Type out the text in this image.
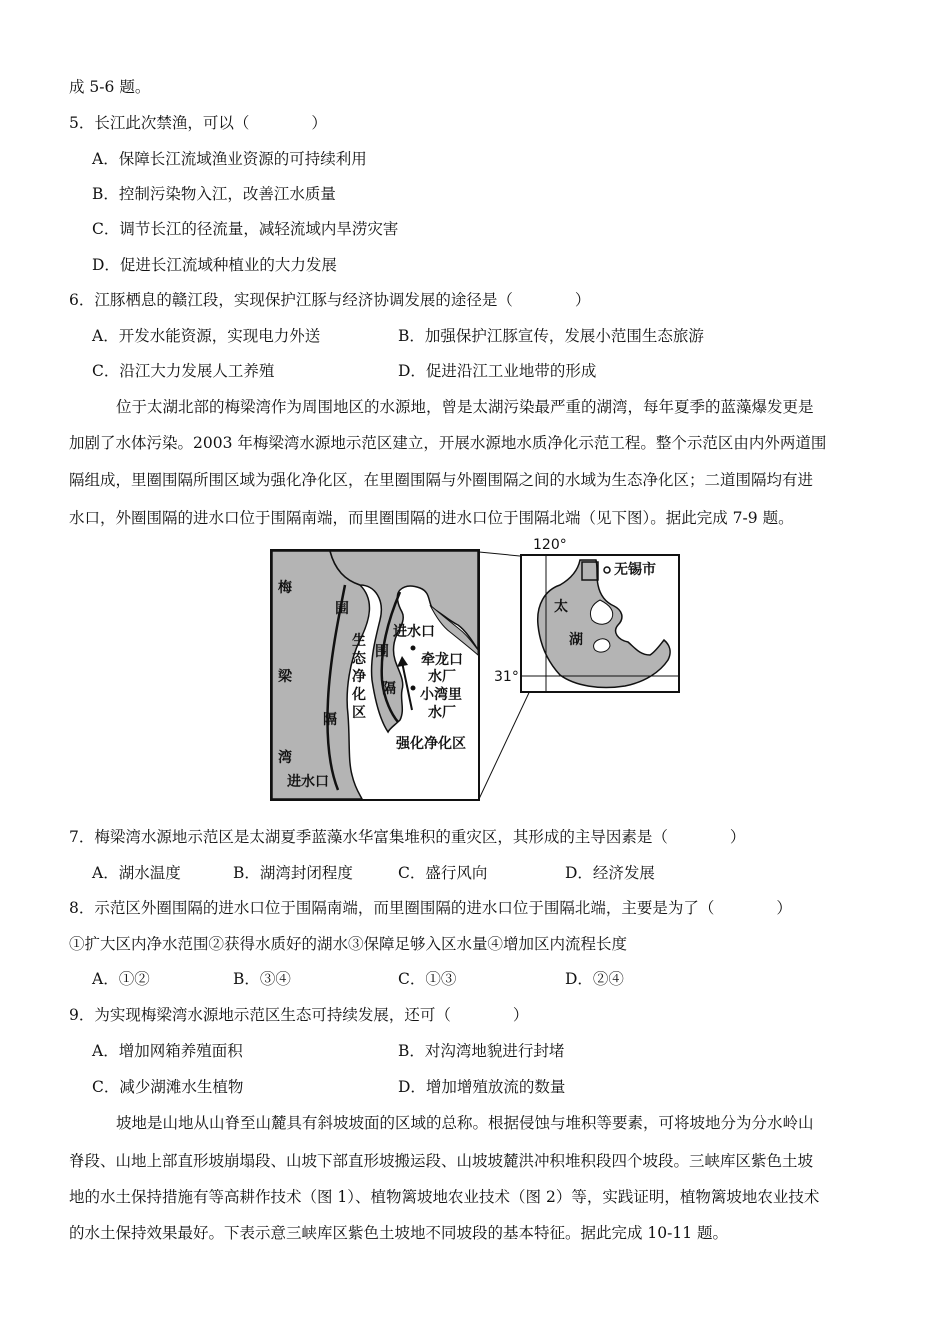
成 5-6 题。
5．长江此次禁渔，可以（　　　　）
A．保障长江流域渔业资源的可持续利用
B．控制污染物入江，改善江水质量
C．调节长江的径流量，减轻流域内旱涝灾害
D．促进长江流域种植业的大力发展
6．江豚栖息的赣江段，实现保护江豚与经济协调发展的途径是（　　　　）
A．开发水能资源，实现电力外送	B．加强保护江豚宣传，发展小范围生态旅游
C．沿江大力发展人工养殖	D．促进沿江工业地带的形成
位于太湖北部的梅梁湾作为周围地区的水源地，曾是太湖污染最严重的湖湾，每年夏季的蓝藻爆发更是
加剧了水体污染。2003 年梅梁湾水源地示范区建立，开展水源地水质净化示范工程。整个示范区由内外两道围
隔组成，里圈围隔所围区域为强化净化区，在里圈围隔与外圈围隔之间的水域为生态净化区；二道围隔均有进
水口，外圈围隔的进水口位于围隔南端，而里圈围隔的进水口位于围隔北端（见下图）。据此完成 7-9 题。
梅
梁
湾
围
隔
生
态
净
化
区
围
隔
进水口
进水口
牵龙口
水厂
小湾里
水厂
强化净化区
120°
31°
无锡市
太
湖
7．梅梁湾水源地示范区是太湖夏季蓝藻水华富集堆积的重灾区，其形成的主导因素是（　　　　）
A．湖水温度	B．湖湾封闭程度	C．盛行风向	D．经济发展
8．示范区外圈围隔的进水口位于围隔南端，而里圈围隔的进水口位于围隔北端，主要是为了（　　　　）
①扩大区内净水范围②获得水质好的湖水③保障足够入区水量④增加区内流程长度
A．①②	B．③④	C．①③	D．②④
9．为实现梅梁湾水源地示范区生态可持续发展，还可（　　　　）
A．增加网箱养殖面积	B．对沟湾地貌进行封堵
C．减少湖滩水生植物	D．增加增殖放流的数量
坡地是山地从山脊至山麓具有斜坡坡面的区域的总称。根据侵蚀与堆积等要素，可将坡地分为分水岭山
脊段、山地上部直形坡崩塌段、山坡下部直形坡搬运段、山坡坡麓洪冲积堆积段四个坡段。三峡库区紫色土坡
地的水土保持措施有等高耕作技术（图 1）、植物篱坡地农业技术（图 2）等，实践证明，植物篱坡地农业技术
的水土保持效果最好。下表示意三峡库区紫色土坡地不同坡段的基本特征。据此完成 10-11 题。
